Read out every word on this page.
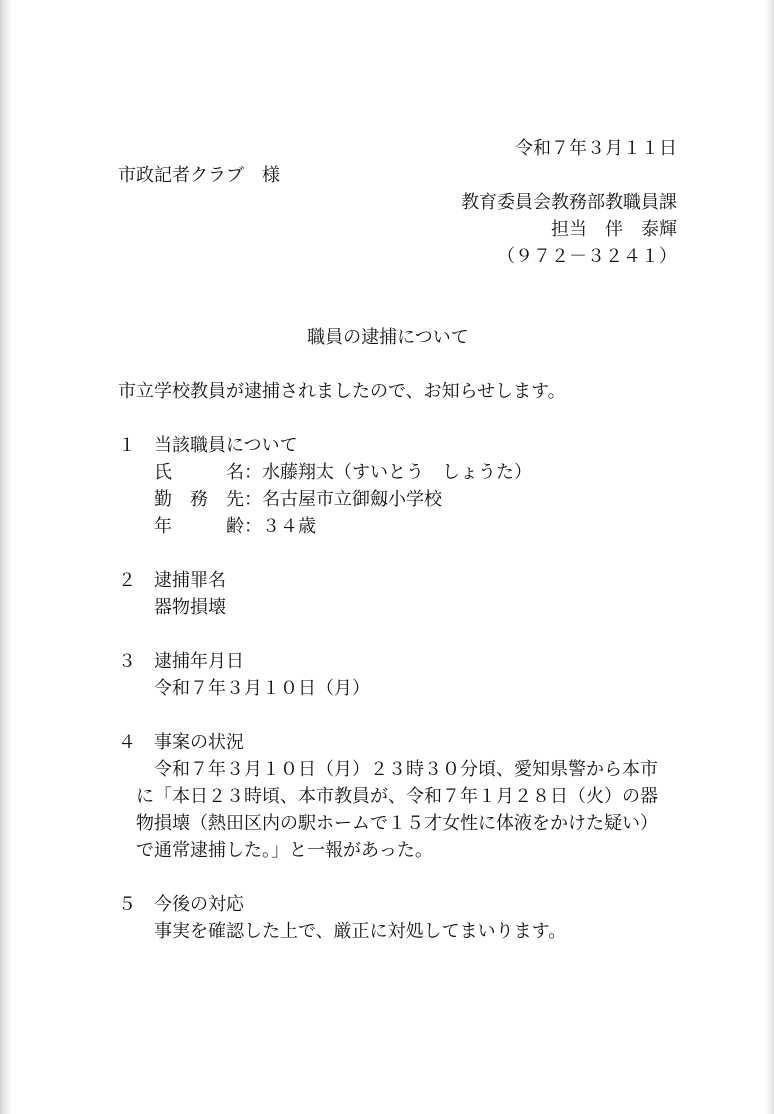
令和７年３月１１日
市政記者クラブ　様
教育委員会教務部教職員課
担当　伴　泰輝
（９７２－３２４１）
職員の逮捕について
市立学校教員が逮捕されましたので、お知らせします。
１　当該職員について
氏　　　名：水藤翔太（すいとう　しょうた）
勤　務　先：名古屋市立御劔小学校
年　　　齢：３４歳
２　逮捕罪名
器物損壊
３　逮捕年月日
令和７年３月１０日（月）
４　事案の状況
令和７年３月１０日（月）２３時３０分頃、愛知県警から本市
に「本日２３時頃、本市教員が、令和７年１月２８日（火）の器
物損壊（熱田区内の駅ホームで１５才女性に体液をかけた疑い）
で通常逮捕した。」と一報があった。
５　今後の対応
事実を確認した上で、厳正に対処してまいります。
